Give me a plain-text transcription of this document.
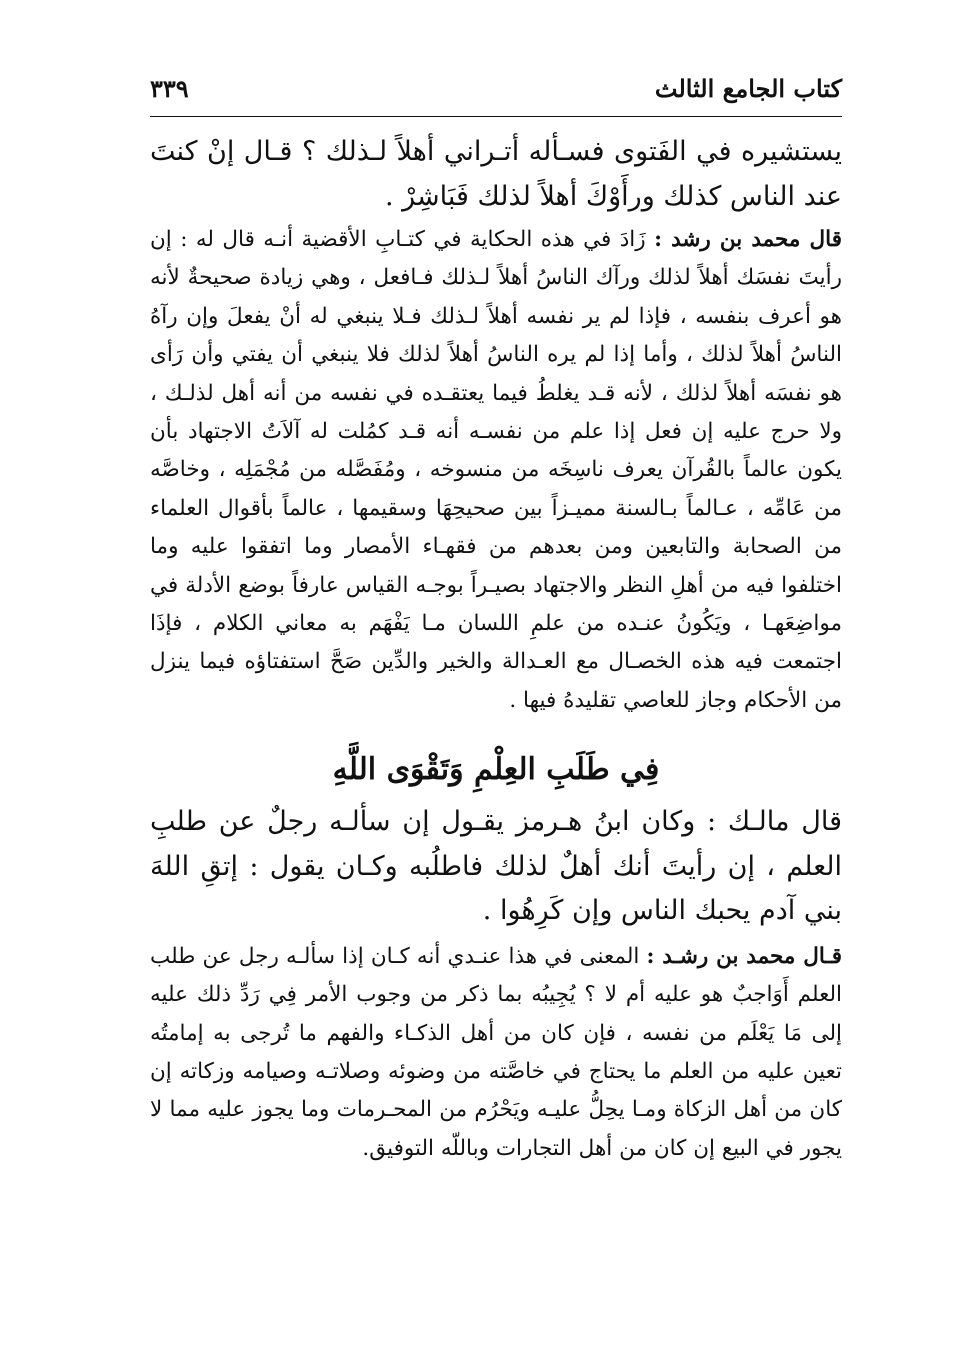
كتاب الجامع الثالث
٣٣٩

يستشيره في الفَتوى فسـأله أتـراني أهلاً لـذلك ؟ قـال إنْ كنتَ عند الناس كذلك ورأَوْكَ أهلاً لذلك فَبَاشِرْ .

قال محمد بن رشد : زَادَ في هذه الحكاية في كتـابِ الأقضية أنـه قال له : إن رأيتَ نفسَك أهلاً لذلك ورآك الناسُ أهلاً لـذلك فـافعل ، وهي زيادة صحيحةٌ لأنه هو أعرف بنفسه ، فإذا لم ير نفسه أهلاً لـذلك فـلا ينبغي له أنْ يفعلَ وإن رآهُ الناسُ أهلاً لذلك ، وأما إذا لم يره الناسُ أهلاً لذلك فلا ينبغي أن يفتي وأن رَأى هو نفسَه أهلاً لذلك ، لأنه قـد يغلطُ فيما يعتقـده في نفسه من أنه أهل لذلـك ، ولا حرج عليه إن فعل إذا علم من نفسـه أنه قـد كمُلت له آلاَتُ الاجتهاد بأن يكون عالماً بالقُرآن يعرف ناسِخَه من منسوخه ، ومُفَصَّله من مُجْمَلِه ، وخاصَّه من عَامِّه ، عـالماً بـالسنة مميـزاً بين صحيحِهَا وسقيمها ، عالماً بأقوال العلماء من الصحابة والتابعين ومن بعدهم من فقهـاء الأمصار وما اتفقوا عليه وما اختلفوا فيه من أهلِ النظر والاجتهاد بصيـراً بوجـه القياس عارفاً بوضع الأدلة في مواضِعَهـا ، ويَكُونُ عنـده من علمِ اللسان مـا يَفْهَم به معاني الكلام ، فإذَا اجتمعت فيه هذه الخصـال مع العـدالة والخير والدِّين صَحَّ استفتاؤه فيما ينزل من الأحكام وجاز للعاصي تقليدهُ فيها .

فِي طَلَبِ العِلْمِ وَتَقْوَى اللَّهِ

قال مالـك : وكان ابنُ هـرمز يقـول إن سألـه رجلٌ عن طلبِ العلم ، إن رأيتَ أنك أهلٌ لذلك فاطلُبه وكـان يقول : إتقِ اللهَ بني آدم يحبك الناس وإن كَرِهُوا .

قـال محمد بن رشـد : المعنى في هذا عنـدي أنه كـان إذا سألـه رجل عن طلب العلم أَوَاجبٌ هو عليه أم لا ؟ يُجِيبُه بما ذكر من وجوب الأمر فِي رَدِّ ذلك عليه إلى مَا يَعْلَم من نفسه ، فإن كان من أهل الذكـاء والفهم ما تُرجى به إمامتُه تعين عليه من العلم ما يحتاج في خاصَّته من وضوئه وصلاتـه وصيامه وزكاته إن كان من أهل الزكاة ومـا يحِلُّ عليـه ويَحْرُم من المحـرمات وما يجوز عليه مما لا يجور في البيع إن كان من أهل التجارات وباللّه التوفيق.
